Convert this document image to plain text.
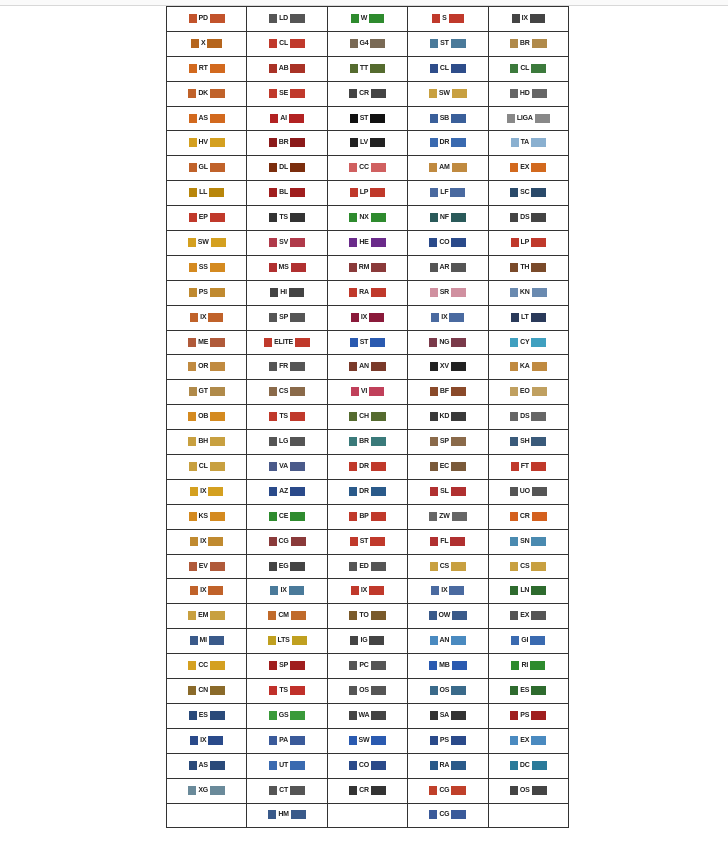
PD	LD	W	S	IX

X	CL	G4	ST	BR

RT	AB	TT	CL	CL

DK	SE	CR	SW	HD

AS	AI	ST	SB	LIGA

HV	BR	LV	DR	TA

GL	DL	CC	AM	EX

LL	BL	LP	LF	SC

EP	TS	NX	NF	DS

SW	SV	HE	CO	LP

SS	MS	RM	AR	TH

PS	HI	RA	SR	KN

IX	SP	IX	IX	LT

ME	ELITE	ST	NG	CY

OR	FR	AN	XV	KA

GT	CS	VI	BF	EO

OB	TS	CH	KD	DS

BH	LG	BR	SP	SH

CL	VA	DR	EC	FT

IX	AZ	DR	SL	UO

KS	CE	BP	ZW	CR

IX	CG	ST	FL	SN

EV	EG	ED	CS	CS

IX	IX	IX	IX	LN

EM	CM	TO	OW	EX

MI	LTS	IG	AN	GI

CC	SP	PC	MB	RI

CN	TS	OS	OS	ES

ES	GS	WA	SA	PS

IX	PA	SW	PS	EX

AS	UT	CO	RA	DC

XG	CT	CR	CG	OS

	HM		CG	
